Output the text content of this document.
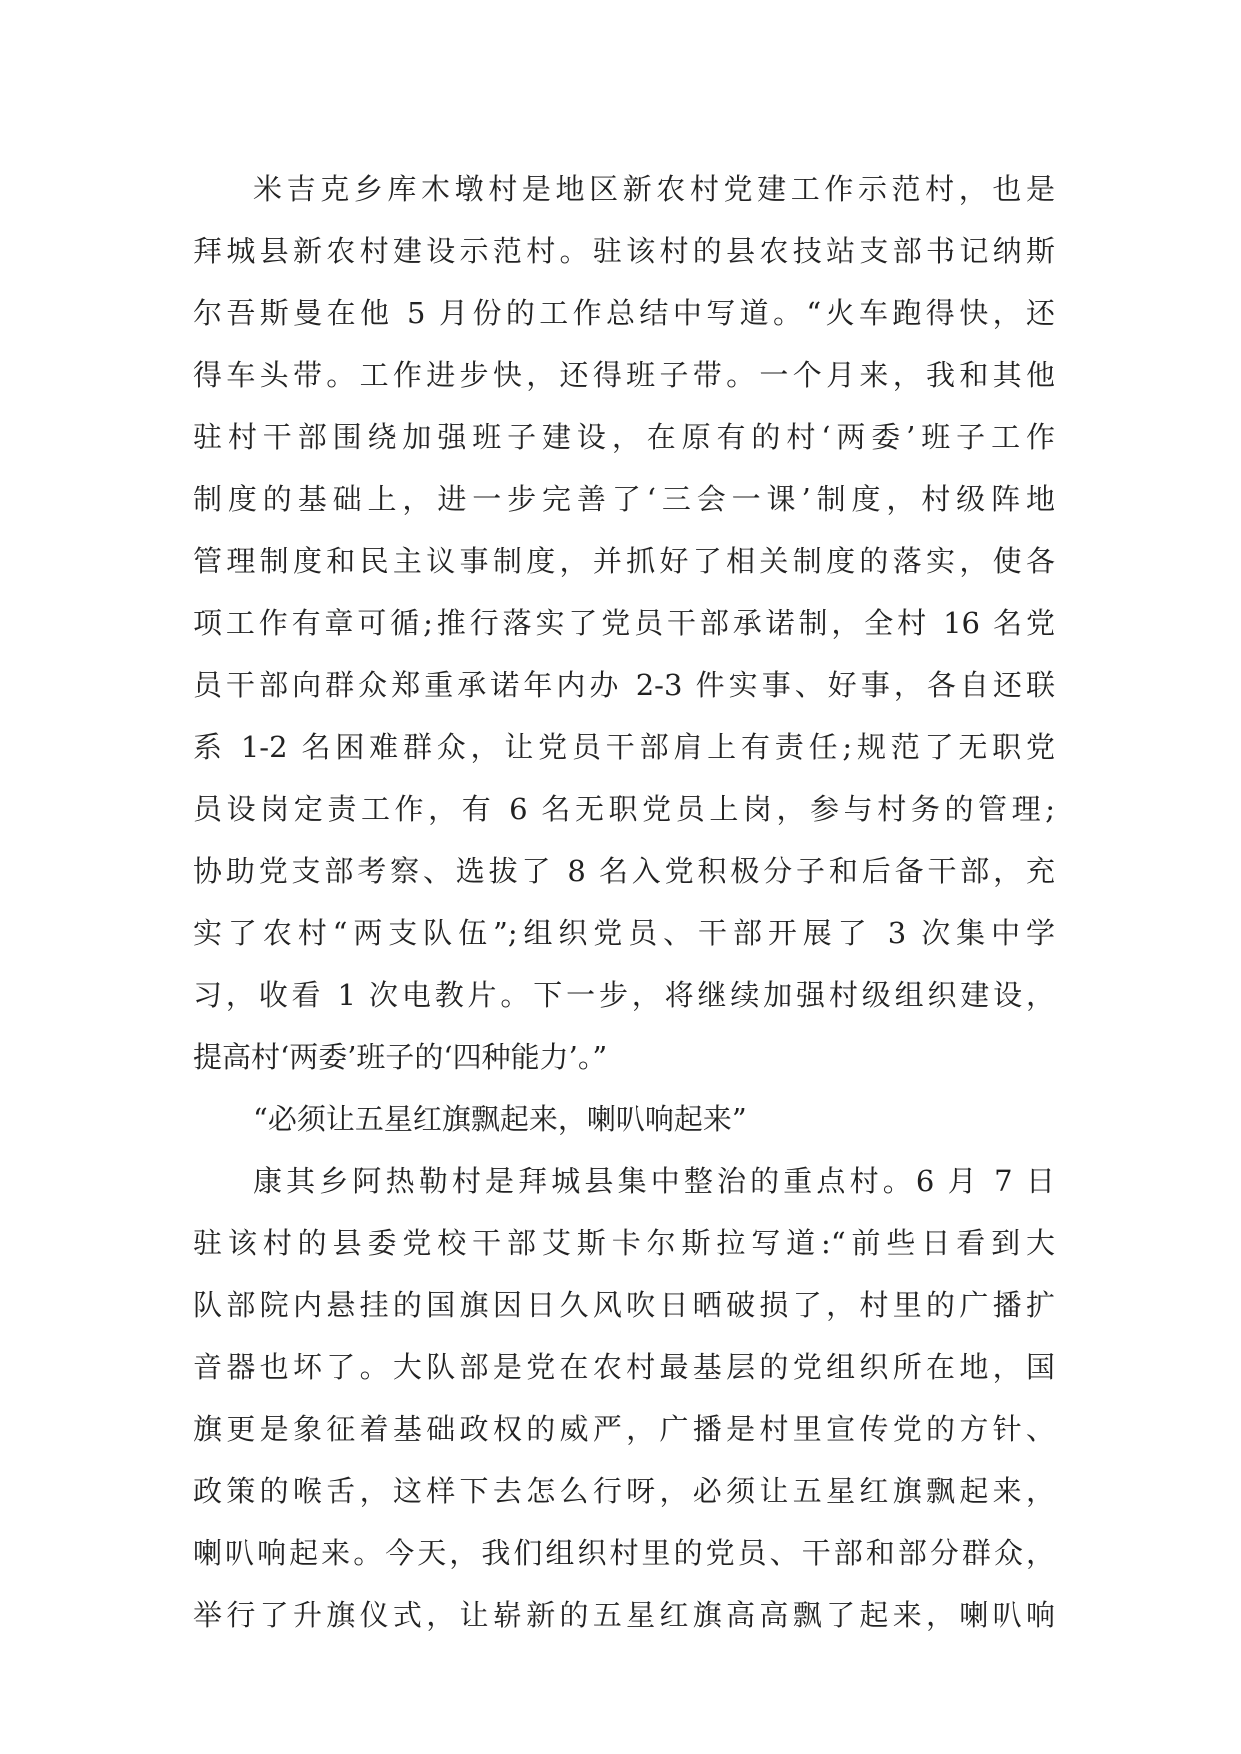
米吉克乡库木墩村是地区新农村党建工作示范村，也是
拜城县新农村建设示范村。驻该村的县农技站支部书记纳斯
尔吾斯曼在他 5 月份的工作总结中写道。“火车跑得快，还
得车头带。工作进步快，还得班子带。一个月来，我和其他
驻村干部围绕加强班子建设，在原有的村‘两委’班子工作
制度的基础上，进一步完善了‘三会一课’制度，村级阵地
管理制度和民主议事制度，并抓好了相关制度的落实，使各
项工作有章可循;推行落实了党员干部承诺制，全村 16 名党
员干部向群众郑重承诺年内办 2-3 件实事、好事，各自还联
系 1-2 名困难群众，让党员干部肩上有责任;规范了无职党
员设岗定责工作，有 6 名无职党员上岗，参与村务的管理;
协助党支部考察、选拔了 8 名入党积极分子和后备干部，充
实了农村“两支队伍”;组织党员、干部开展了 3 次集中学
习，收看 1 次电教片。下一步，将继续加强村级组织建设，
提高村‘两委’班子的‘四种能力’。”
“必须让五星红旗飘起来，喇叭响起来”
康其乡阿热勒村是拜城县集中整治的重点村。6 月 7 日
驻该村的县委党校干部艾斯卡尔斯拉写道:“前些日看到大
队部院内悬挂的国旗因日久风吹日晒破损了，村里的广播扩
音器也坏了。大队部是党在农村最基层的党组织所在地，国
旗更是象征着基础政权的威严，广播是村里宣传党的方针、
政策的喉舌，这样下去怎么行呀，必须让五星红旗飘起来，
喇叭响起来。今天，我们组织村里的党员、干部和部分群众，
举行了升旗仪式，让崭新的五星红旗高高飘了起来，喇叭响
